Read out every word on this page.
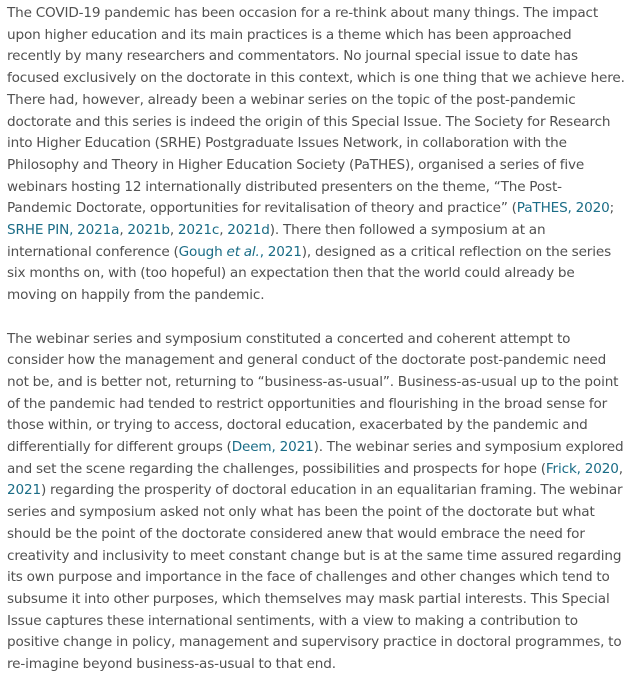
The COVID-19 pandemic has been occasion for a re-think about many things. The impact upon higher education and its main practices is a theme which has been approached recently by many researchers and commentators. No journal special issue to date has focused exclusively on the doctorate in this context, which is one thing that we achieve here. There had, however, already been a webinar series on the topic of the post-pandemic doctorate and this series is indeed the origin of this Special Issue. The Society for Research into Higher Education (SRHE) Postgraduate Issues Network, in collaboration with the Philosophy and Theory in Higher Education Society (PaTHES), organised a series of five webinars hosting 12 internationally distributed presenters on the theme, “The Post-Pandemic Doctorate, opportunities for revitalisation of theory and practice” (PaTHES, 2020; SRHE PIN, 2021a, 2021b, 2021c, 2021d). There then followed a symposium at an international conference (Gough et al., 2021), designed as a critical reflection on the series six months on, with (too hopeful) an expectation then that the world could already be moving on happily from the pandemic.

The webinar series and symposium constituted a concerted and coherent attempt to consider how the management and general conduct of the doctorate post-pandemic need not be, and is better not, returning to “business-as-usual”. Business-as-usual up to the point of the pandemic had tended to restrict opportunities and flourishing in the broad sense for those within, or trying to access, doctoral education, exacerbated by the pandemic and differentially for different groups (Deem, 2021). The webinar series and symposium explored and set the scene regarding the challenges, possibilities and prospects for hope (Frick, 2020, 2021) regarding the prosperity of doctoral education in an equalitarian framing. The webinar series and symposium asked not only what has been the point of the doctorate but what should be the point of the doctorate considered anew that would embrace the need for creativity and inclusivity to meet constant change but is at the same time assured regarding its own purpose and importance in the face of challenges and other changes which tend to subsume it into other purposes, which themselves may mask partial interests. This Special Issue captures these international sentiments, with a view to making a contribution to positive change in policy, management and supervisory practice in doctoral programmes, to re-imagine beyond business-as-usual to that end.
